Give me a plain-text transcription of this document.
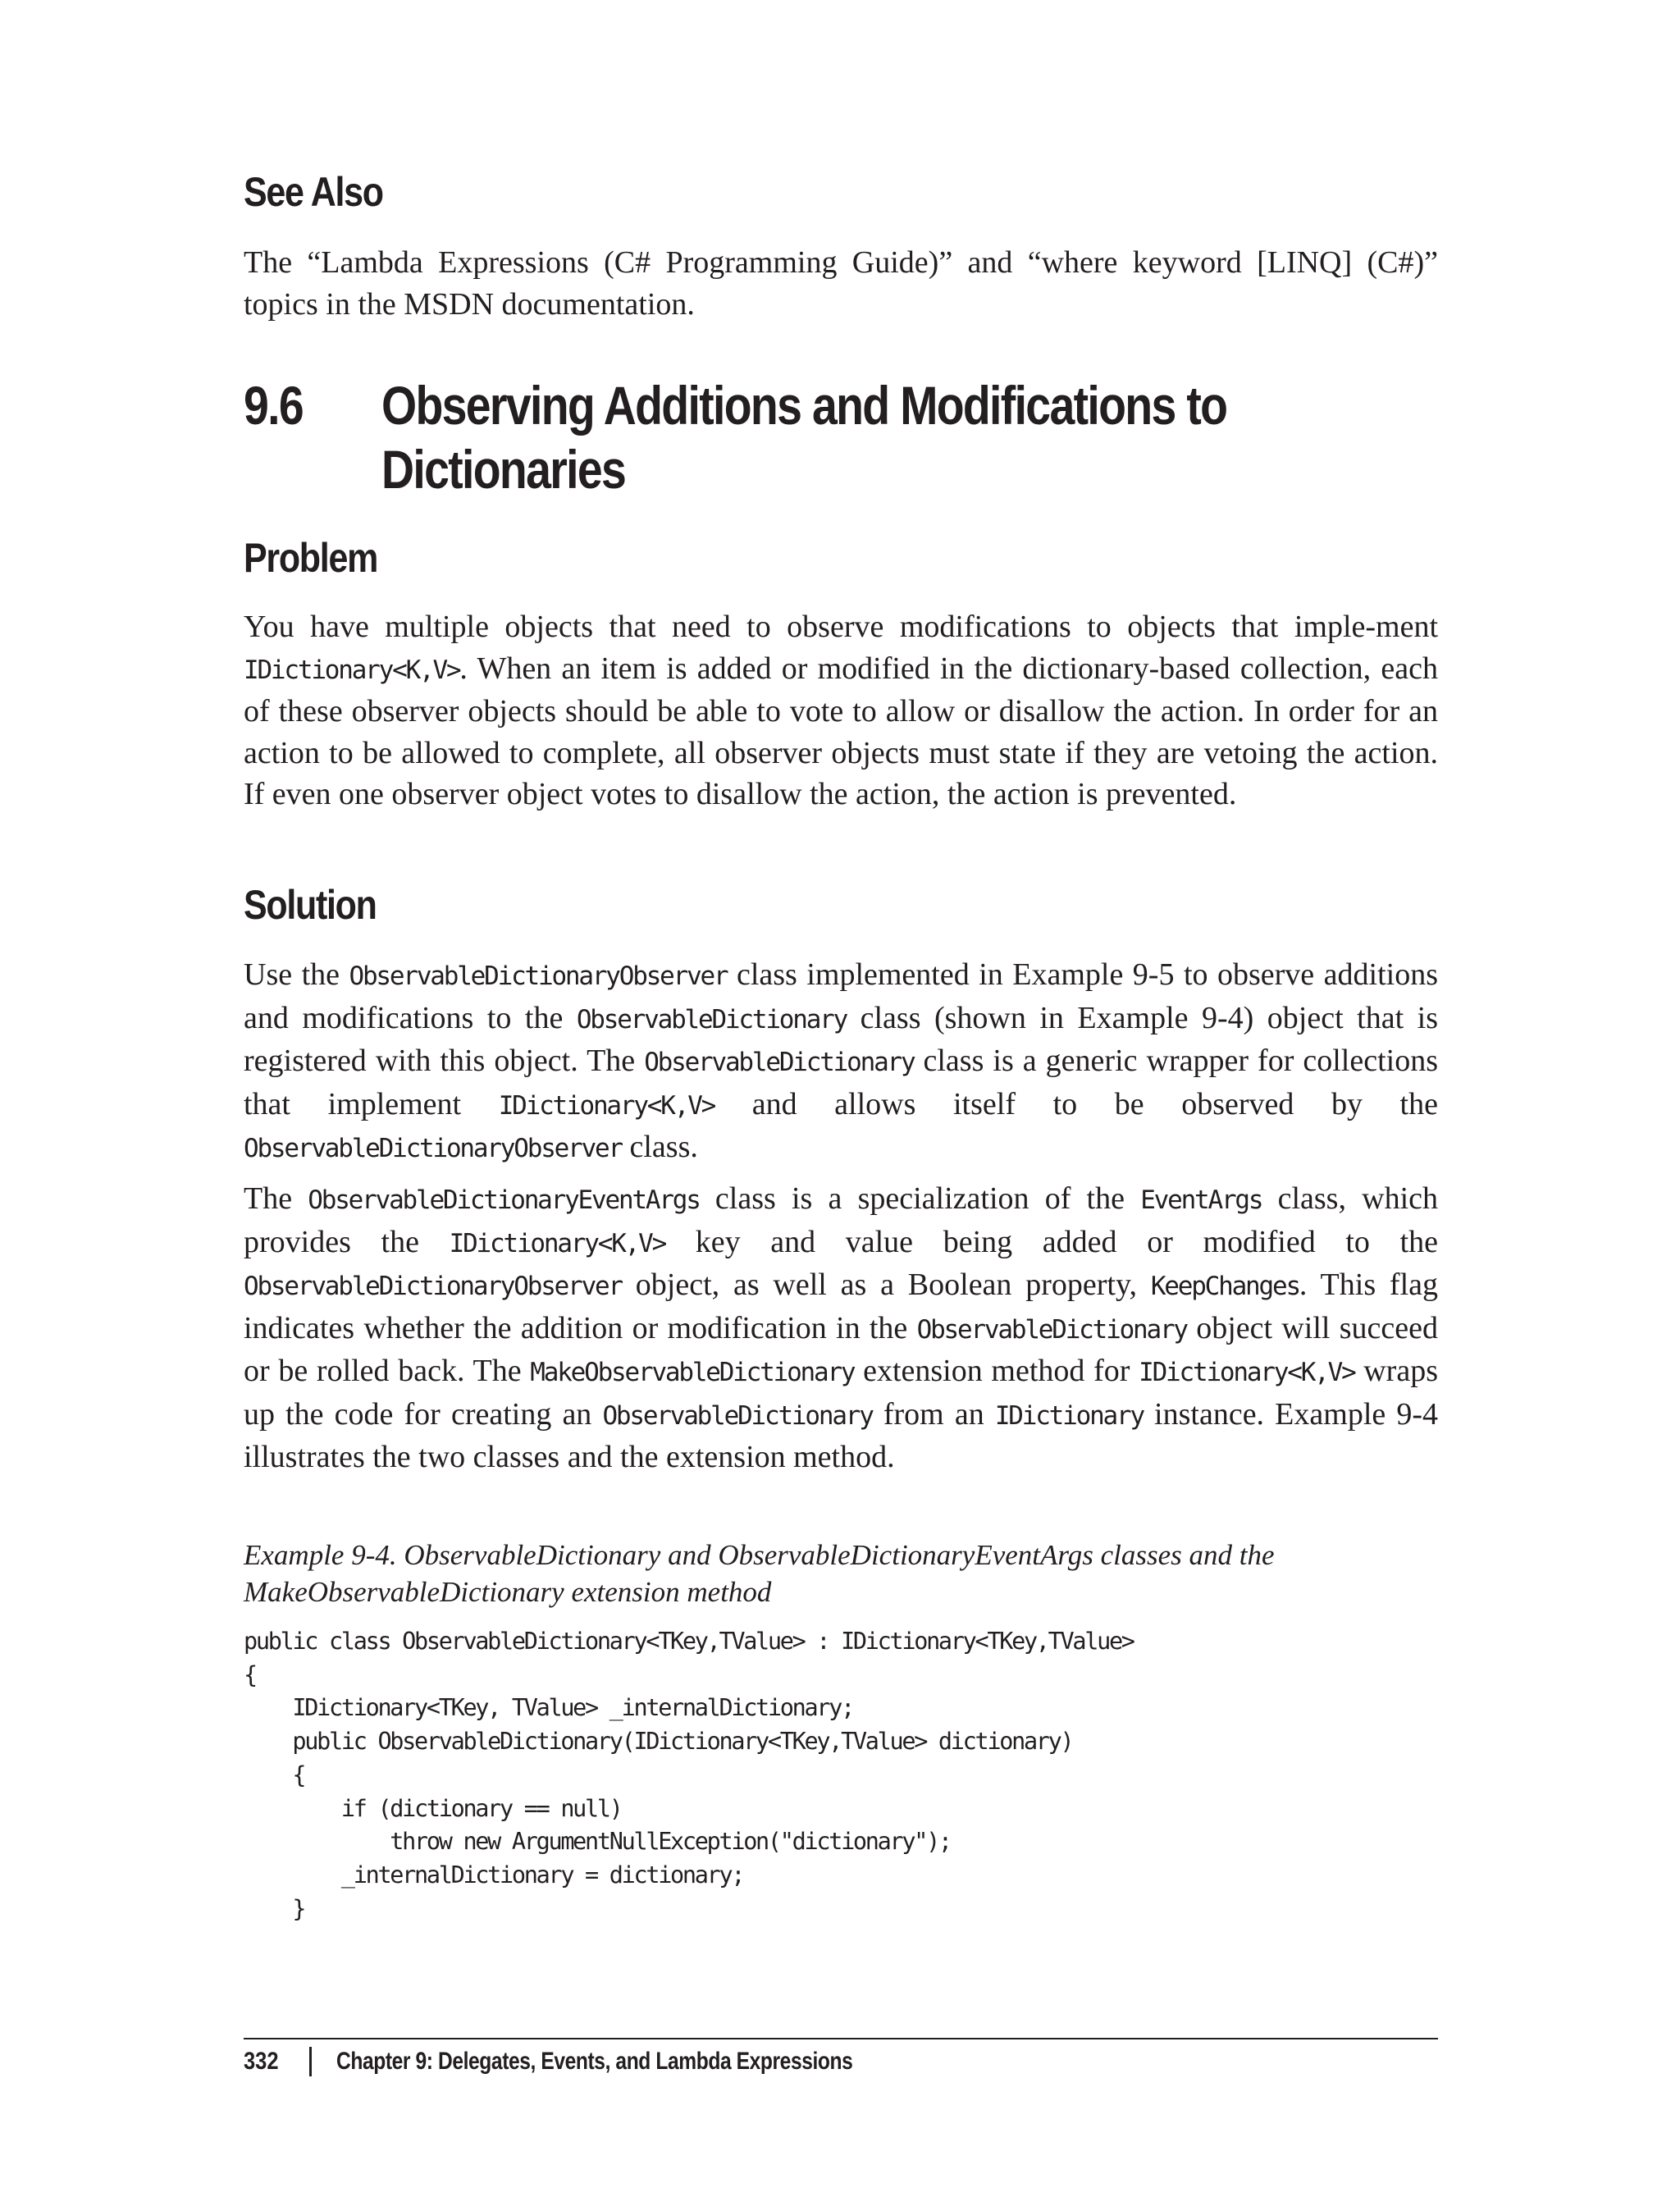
See Also

The “Lambda Expressions (C# Programming Guide)” and “where keyword [LINQ] (C#)” topics in the MSDN documentation.

9.6 Observing Additions and Modifications to
Dictionaries
Problem

You have multiple objects that need to observe modifications to objects that imple-ment IDictionary<K,V>. When an item is added or modified in the dictionary-based collection, each of these observer objects should be able to vote to allow or disallow the action. In order for an action to be allowed to complete, all observer objects must state if they are vetoing the action. If even one observer object votes to disallow the action, the action is prevented.

Solution

Use the ObservableDictionaryObserver class implemented in Example 9-5 to observe additions and modifications to the ObservableDictionary class (shown in Example 9-4) object that is registered with this object. The ObservableDictionary class is a generic wrapper for collections that implement IDictionary<K,V> and allows itself to be observed by the ObservableDictionaryObserver class.

The ObservableDictionaryEventArgs class is a specialization of the EventArgs class, which provides the IDictionary<K,V> key and value being added or modified to the ObservableDictionaryObserver object, as well as a Boolean property, KeepChanges. This flag indicates whether the addition or modification in the ObservableDictionary object will succeed or be rolled back. The MakeObservableDictionary extension method for IDictionary<K,V> wraps up the code for creating an ObservableDictionary from an IDictionary instance. Example 9-4 illustrates the two classes and the extension method.

Example 9-4. ObservableDictionary and ObservableDictionaryEventArgs classes and the
MakeObservableDictionary extension method
public class ObservableDictionary<TKey,TValue> : IDictionary<TKey,TValue>
{
IDictionary<TKey, TValue> _internalDictionary;
public ObservableDictionary(IDictionary<TKey,TValue> dictionary)
{
if (dictionary == null)
throw new ArgumentNullException("dictionary");
_internalDictionary = dictionary;
}
332 Chapter 9: Delegates, Events, and Lambda Expressions
